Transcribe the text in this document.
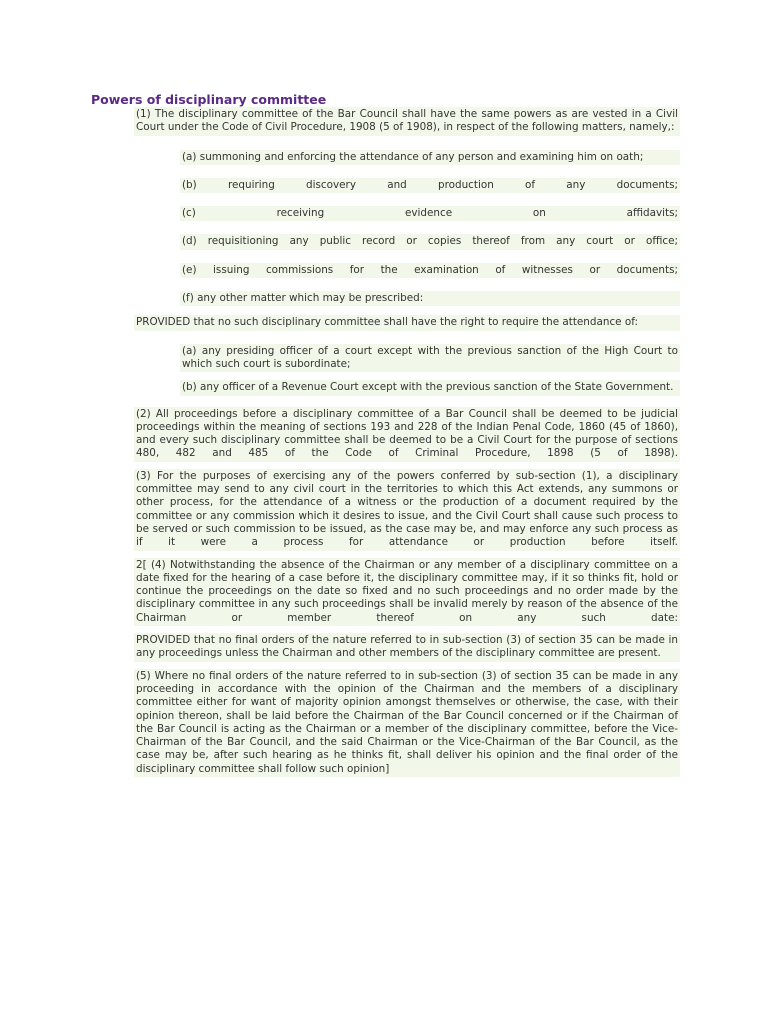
Powers of disciplinary committee

(1) The disciplinary committee of the Bar Council shall have the same powers as are vested in a Civil Court under the Code of Civil Procedure, 1908 (5 of 1908), in respect of the following matters, namely,:

(a) summoning and enforcing the attendance of any person and examining him on oath;
(b) requiring discovery and production of any documents;
(c) receiving evidence on affidavits;
(d) requisitioning any public record or copies thereof from any court or office;
(e) issuing commissions for the examination of witnesses or documents;
(f) any other matter which may be prescribed:

PROVIDED that no such disciplinary committee shall have the right to require the attendance of:

(a) any presiding officer of a court except with the previous sanction of the High Court to which such court is subordinate;
(b) any officer of a Revenue Court except with the previous sanction of the State Government.

(2) All proceedings before a disciplinary committee of a Bar Council shall be deemed to be judicial proceedings within the meaning of sections 193 and 228 of the Indian Penal Code, 1860 (45 of 1860), and every such disciplinary committee shall be deemed to be a Civil Court for the purpose of sections 480, 482 and 485 of the Code of Criminal Procedure, 1898 (5 of 1898).

(3) For the purposes of exercising any of the powers conferred by sub-section (1), a disciplinary committee may send to any civil court in the territories to which this Act extends, any summons or other process, for the attendance of a witness or the production of a document required by the committee or any commission which it desires to issue, and the Civil Court shall cause such process to be served or such commission to be issued, as the case may be, and may enforce any such process as if it were a process for attendance or production before itself.

2[ (4) Notwithstanding the absence of the Chairman or any member of a disciplinary committee on a date fixed for the hearing of a case before it, the disciplinary committee may, if it so thinks fit, hold or continue the proceedings on the date so fixed and no such proceedings and no order made by the disciplinary committee in any such proceedings shall be invalid merely by reason of the absence of the Chairman or member thereof on any such date:

PROVIDED that no final orders of the nature referred to in sub-section (3) of section 35 can be made in any proceedings unless the Chairman and other members of the disciplinary committee are present.

(5) Where no final orders of the nature referred to in sub-section (3) of section 35 can be made in any proceeding in accordance with the opinion of the Chairman and the members of a disciplinary committee either for want of majority opinion amongst themselves or otherwise, the case, with their opinion thereon, shall be laid before the Chairman of the Bar Council concerned or if the Chairman of the Bar Council is acting as the Chairman or a member of the disciplinary committee, before the Vice-Chairman of the Bar Council, and the said Chairman or the Vice-Chairman of the Bar Council, as the case may be, after such hearing as he thinks fit, shall deliver his opinion and the final order of the disciplinary committee shall follow such opinion]
